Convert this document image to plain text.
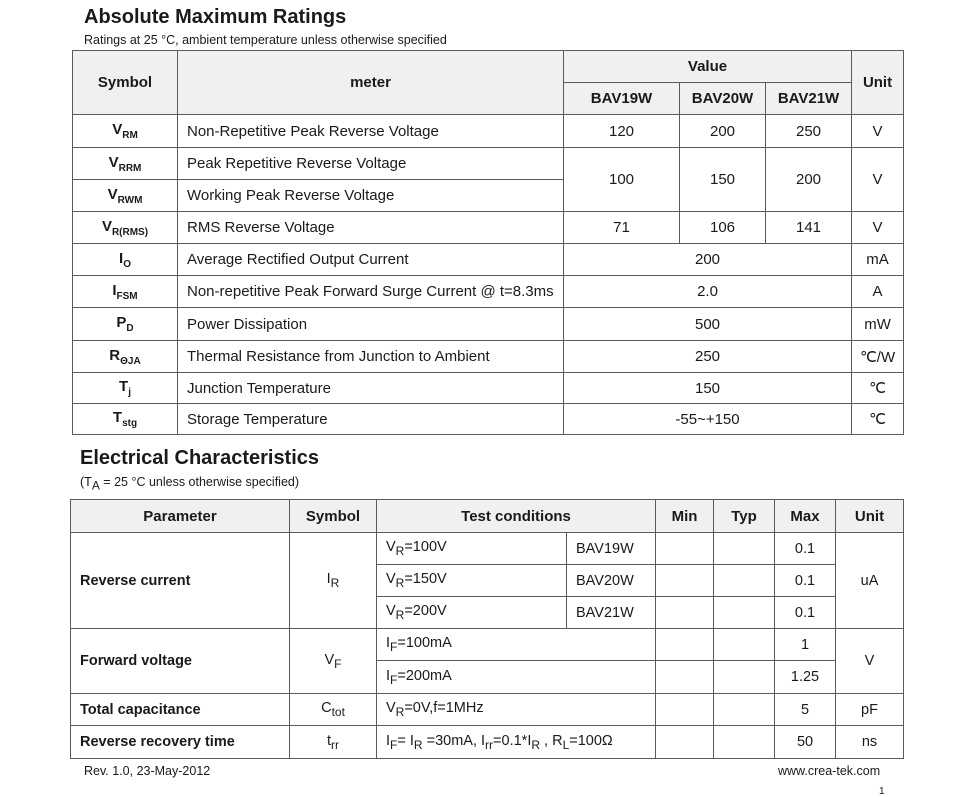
Absolute Maximum Ratings
Ratings at 25 °C, ambient temperature unless otherwise specified
Symbol	meter	Value			Unit
		BAV19W	BAV20W	BAV21W	
$V_{RM}$	Non-Repetitive Peak Reverse Voltage	120	200	250	V
$V_{RRM}$	Peak Repetitive Reverse Voltage	100	150	200	V
$V_{RWM}$	Working Peak Reverse Voltage				
$V_{R(RMS)}$	RMS Reverse Voltage	71	106	141	V
$I_O$	Average Rectified Output Current	200			mA
$I_{FSM}$	Non-repetitive Peak Forward Surge Current @ t=8.3ms	2.0			A
$P_D$	Power Dissipation	500			mW
$R_{\Theta JA}$	Thermal Resistance from Junction to Ambient	250			℃/W
$T_j$	Junction Temperature	150			℃
$T_{stg}$	Storage Temperature	-55~+150			℃
Electrical Characteristics
($T_A = 25$ °C unless otherwise specified)
Parameter	Symbol	Test conditions		Min	Typ	Max	Unit
Reverse current	$I_R$	$V_R=100V$	BAV19W			0.1	uA
		$V_R=150V$	BAV20W			0.1	
		$V_R=200V$	BAV21W			0.1	
Forward voltage	$V_F$	$I_F=100mA$				1	V
		$I_F=200mA$				1.25	
Total capacitance	$C_{tot}$	$V_R=0V,f=1MHz$				5	pF
Reverse recovery time	$t_{rr}$	$I_F= I_R =30mA$, $I_{rr}=0.1*I_R$ , $R_L=100\Omega$				50	ns
Rev. 1.0, 23-May-2012	www.crea-tek.com
1
